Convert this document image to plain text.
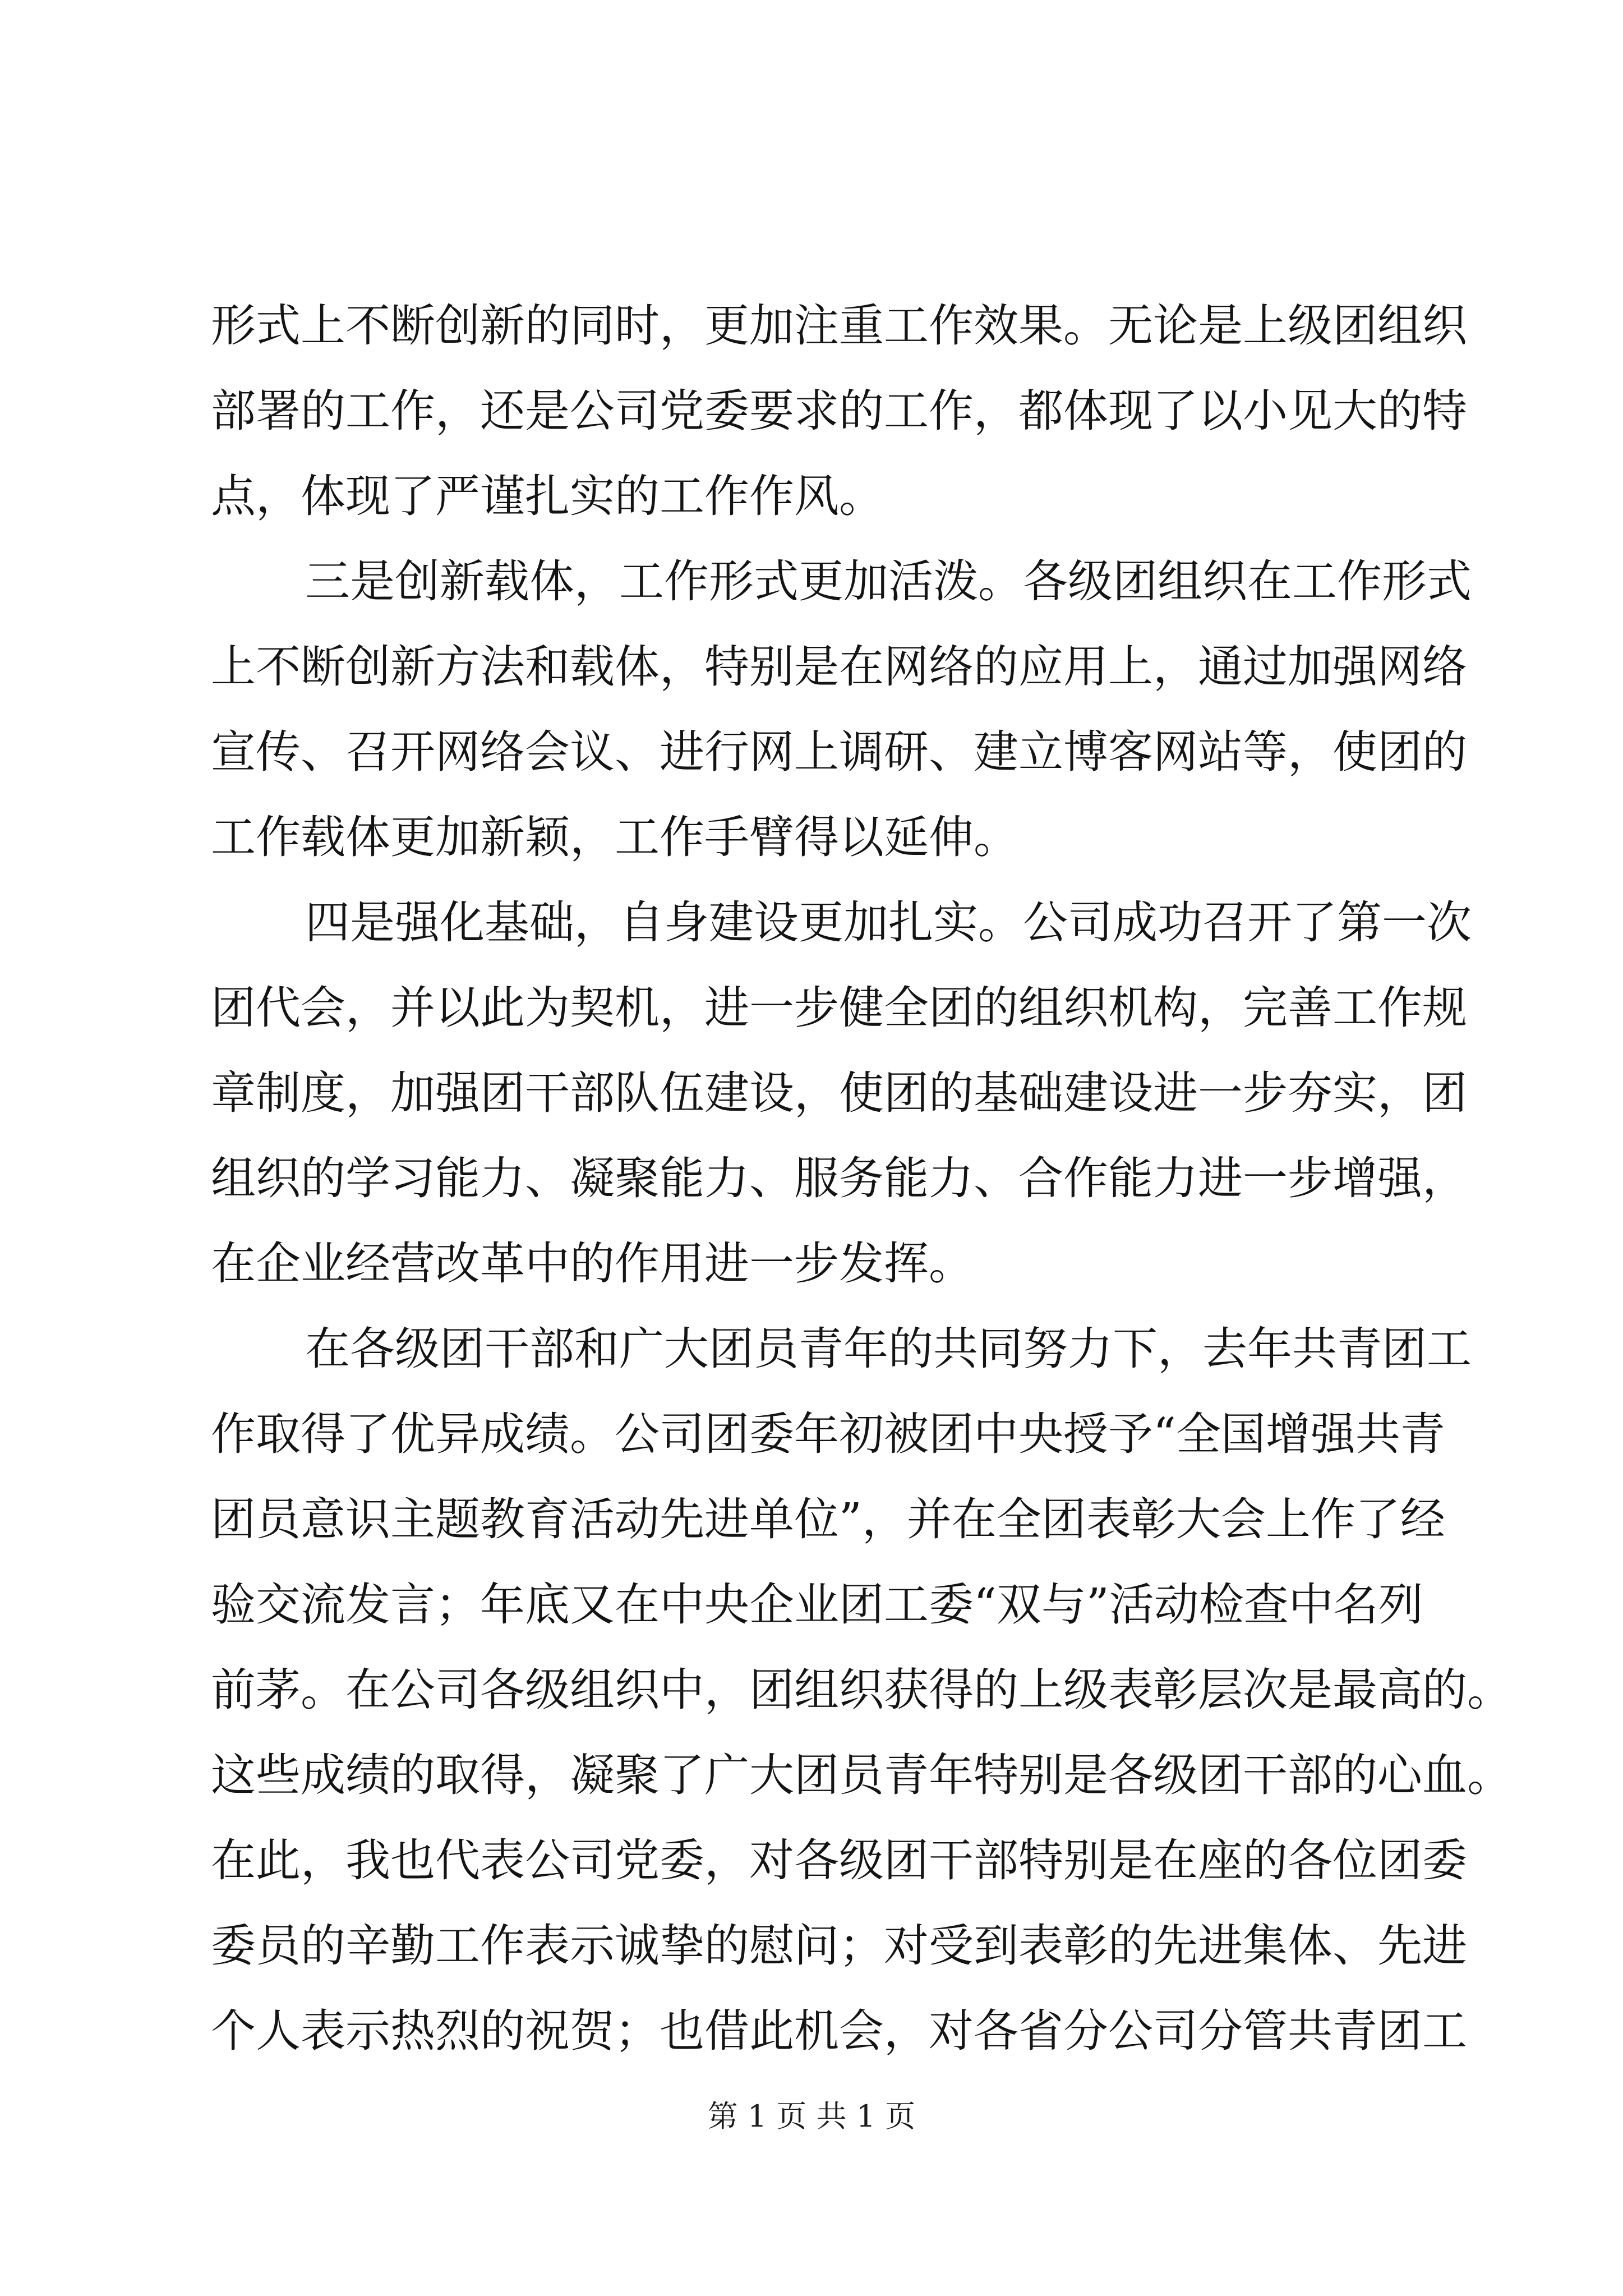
形式上不断创新的同时，更加注重工作效果。无论是上级团组织
部署的工作，还是公司党委要求的工作，都体现了以小见大的特
点，体现了严谨扎实的工作作风。
三是创新载体，工作形式更加活泼。各级团组织在工作形式
上不断创新方法和载体，特别是在网络的应用上，通过加强网络
宣传、召开网络会议、进行网上调研、建立博客网站等，使团的
工作载体更加新颖，工作手臂得以延伸。
四是强化基础，自身建设更加扎实。公司成功召开了第一次
团代会，并以此为契机，进一步健全团的组织机构，完善工作规
章制度，加强团干部队伍建设，使团的基础建设进一步夯实，团
组织的学习能力、凝聚能力、服务能力、合作能力进一步增强，
在企业经营改革中的作用进一步发挥。
在各级团干部和广大团员青年的共同努力下，去年共青团工
作取得了优异成绩。公司团委年初被团中央授予“全国增强共青
团员意识主题教育活动先进单位”，并在全团表彰大会上作了经
验交流发言；年底又在中央企业团工委“双与”活动检查中名列
前茅。在公司各级组织中，团组织获得的上级表彰层次是最高的。
这些成绩的取得，凝聚了广大团员青年特别是各级团干部的心血。
在此，我也代表公司党委，对各级团干部特别是在座的各位团委
委员的辛勤工作表示诚挚的慰问；对受到表彰的先进集体、先进
个人表示热烈的祝贺；也借此机会，对各省分公司分管共青团工
第 1 页 共 1 页
